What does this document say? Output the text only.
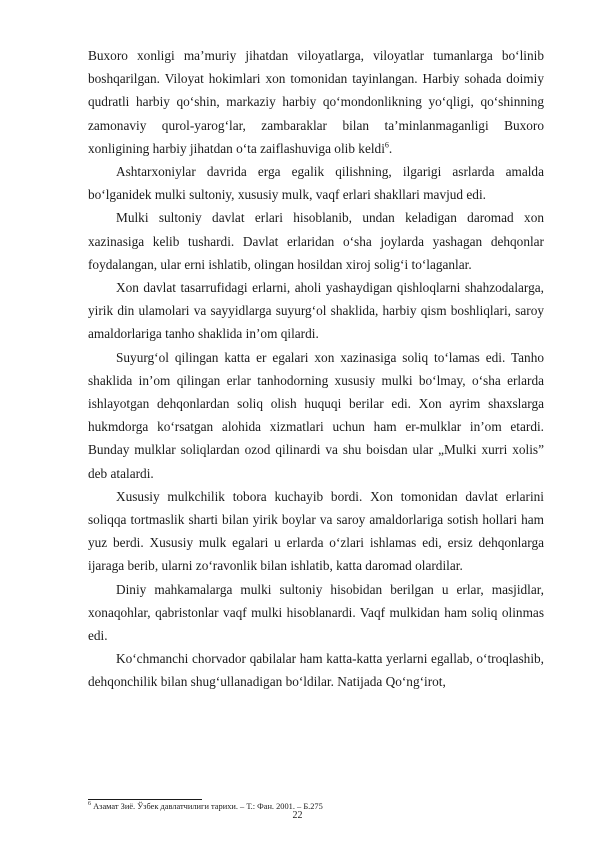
Buxoro xonligi ma’muriy jihatdan viloyatlarga, viloyatlar tumanlarga bo‘linib boshqarilgan. Viloyat hokimlari xon tomonidan tayinlangan. Harbiy sohada doimiy qudratli harbiy qo‘shin, markaziy harbiy qo‘mondonlikning yo‘qligi, qo‘shinning zamonaviy qurol-yarog‘lar, zambaraklar bilan ta’minlanmaganligi Buxoro xonligining harbiy jihatdan o‘ta zaiflashuviga olib keldi$^6$.

Ashtarxoniylar davrida erga egalik qilishning, ilgarigi asrlarda amalda bo‘lganidek mulki sultoniy, xususiy mulk, vaqf erlari shakllari mavjud edi.

Mulki sultoniy davlat erlari hisoblanib, undan keladigan daromad xon xazinasiga kelib tushardi. Davlat erlaridan o‘sha joylarda yashagan dehqonlar foydalangan, ular erni ishlatib, olingan hosildan xiroj solig‘i to‘laganlar.

Xon davlat tasarrufidagi erlarni, aholi yashaydigan qishloqlarni shahzodalarga, yirik din ulamolari va sayyidlarga suyurg‘ol shaklida, harbiy qism boshliqlari, saroy amaldorlariga tanho shaklida in’om qilardi.

Suyurg‘ol qilingan katta er egalari xon xazinasiga soliq to‘lamas edi. Tanho shaklida in’om qilingan erlar tanhodorning xususiy mulki bo‘lmay, o‘sha erlarda ishlayotgan dehqonlardan soliq olish huquqi berilar edi. Xon ayrim shaxslarga hukmdorga ko‘rsatgan alohida xizmatlari uchun ham er-mulklar in’om etardi. Bunday mulklar soliqlardan ozod qilinardi va shu boisdan ular „Mulki xurri xolis” deb atalardi.

Xususiy mulkchilik tobora kuchayib bordi. Xon tomonidan davlat erlarini soliqqa tortmaslik sharti bilan yirik boylar va saroy amaldorlariga sotish hollari ham yuz berdi. Xususiy mulk egalari u erlarda o‘zlari ishlamas edi, ersiz dehqonlarga ijaraga berib, ularni zo‘ravonlik bilan ishlatib, katta daromad olardilar.

Diniy mahkamalarga mulki sultoniy hisobidan berilgan u erlar, masjidlar, xonaqohlar, qabristonlar vaqf mulki hisoblanardi. Vaqf mulkidan ham soliq olinmas edi.

Ko‘chmanchi chorvador qabilalar ham katta-katta yerlarni egallab, o‘troqlashib, dehqonchilik bilan shug‘ullanadigan bo‘ldilar. Natijada Qo‘ng‘irot,

$^6$ Азамат Зиё. Ўзбек давлатчилиги тарихи. – Т.: Фан. 2001. – Б.275
22
